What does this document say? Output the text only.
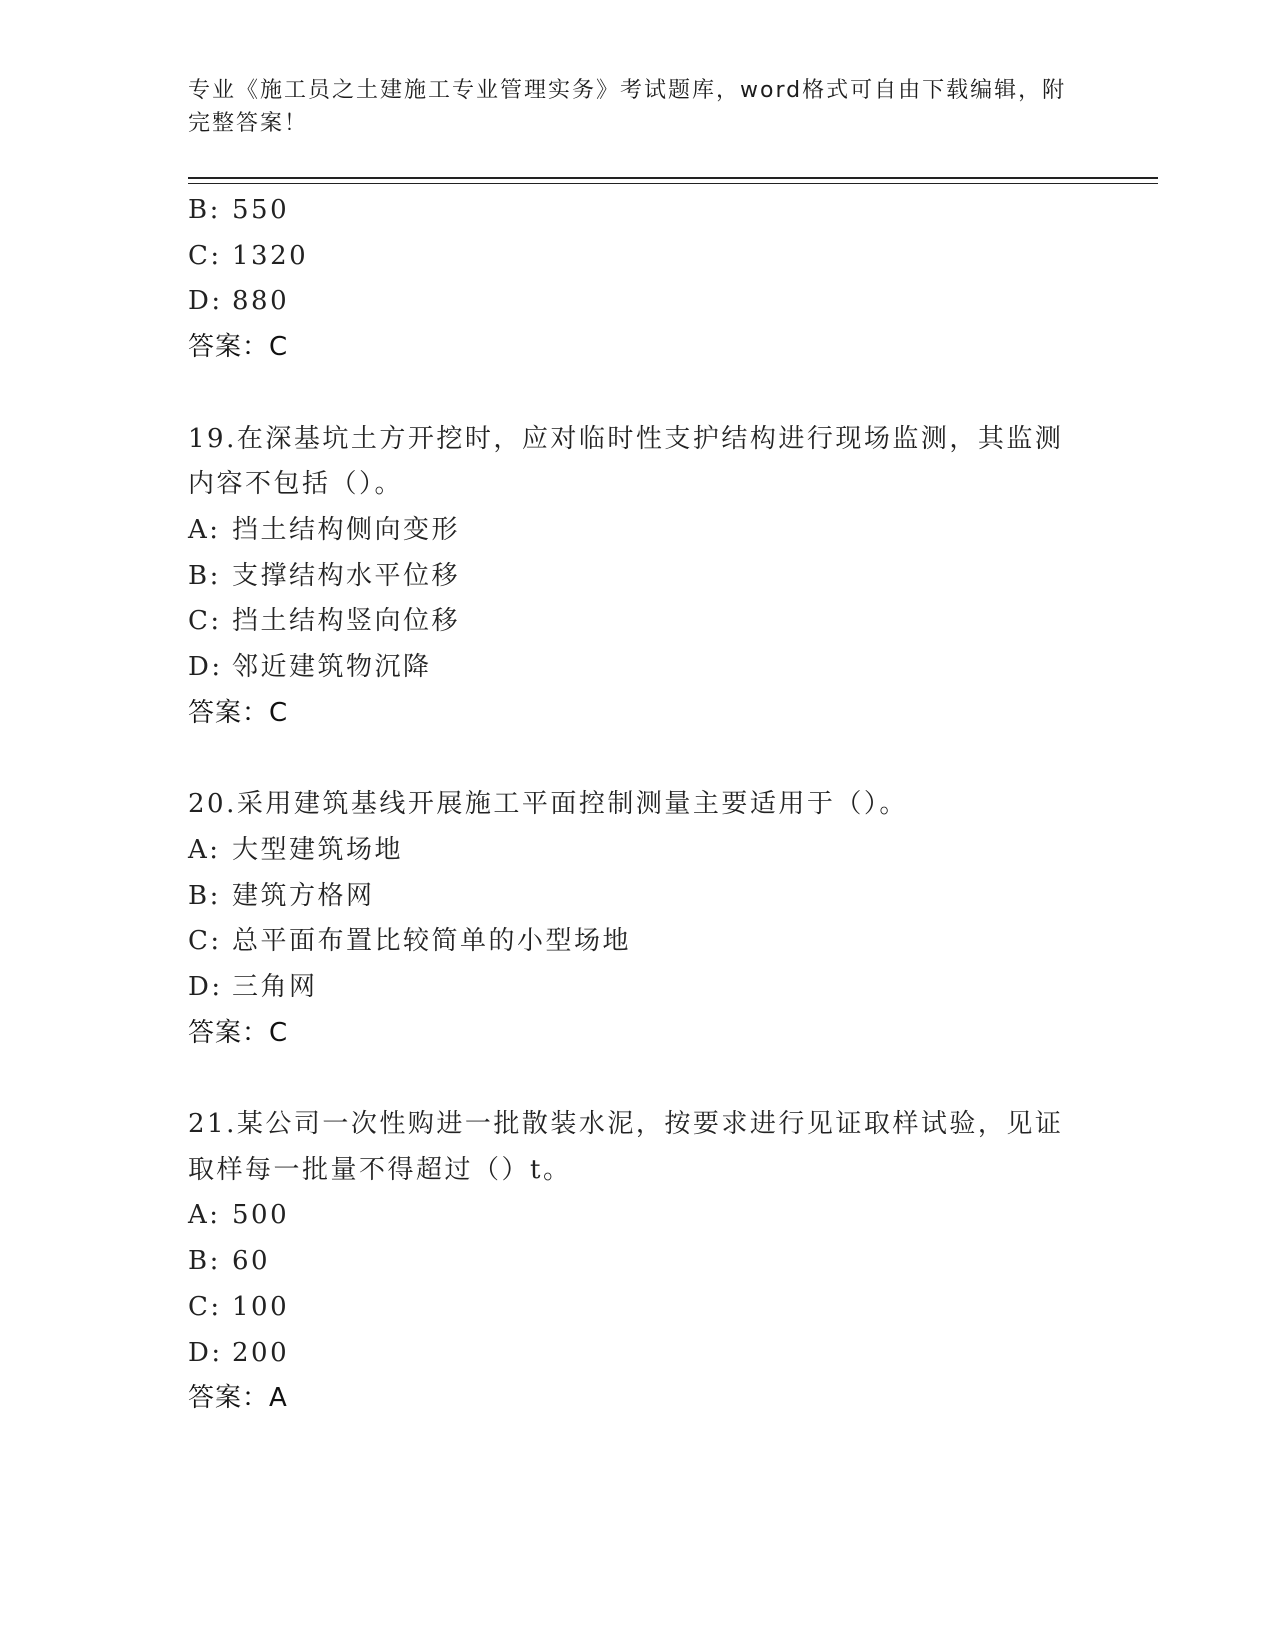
专业《施工员之土建施工专业管理实务》考试题库，word格式可自由下载编辑，附完整答案！
B: 550
C: 1320
D: 880
答案：C
19.在深基坑土方开挖时，应对临时性支护结构进行现场监测，其监测
内容不包括（）。
A: 挡土结构侧向变形
B: 支撑结构水平位移
C: 挡土结构竖向位移
D: 邻近建筑物沉降
答案：C
20.采用建筑基线开展施工平面控制测量主要适用于（）。
A: 大型建筑场地
B: 建筑方格网
C: 总平面布置比较简单的小型场地
D: 三角网
答案：C
21.某公司一次性购进一批散装水泥，按要求进行见证取样试验，见证
取样每一批量不得超过（）t。
A: 500
B: 60
C: 100
D: 200
答案：A
